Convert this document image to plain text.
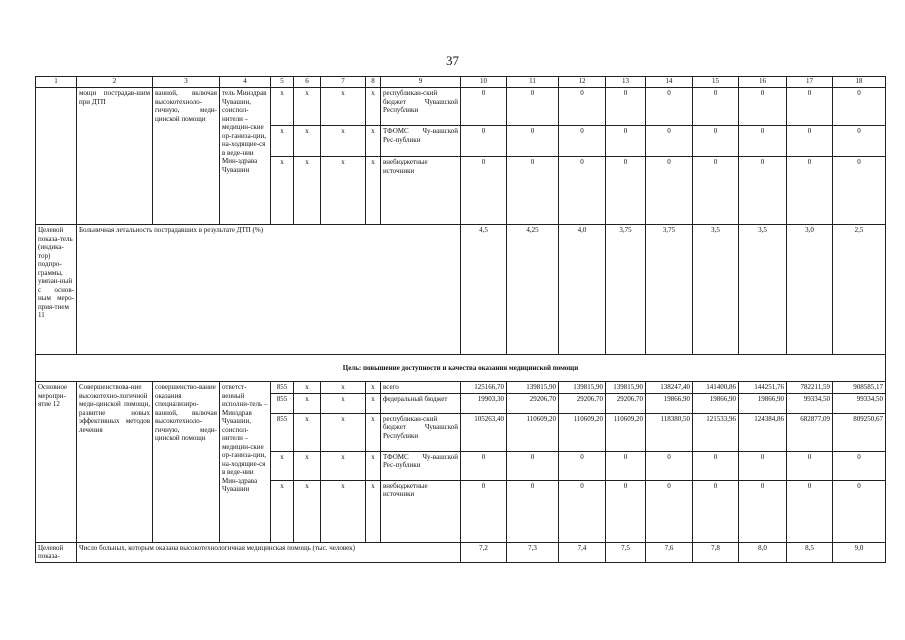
37
1	2	3	4	5	6	7	8	9	10	11	12	13	14	15	16	17	18
	мощи пострадав-шим при ДТП	ванной, включая высокотехноло-гичную, меди-цинской помощи	тель Минздрав Чувашии, соиспол-нители – медицин-ские ор-ганиза-ции, на-ходящие-ся в веде-нии Мин-здрава Чувашии	x	x	x	x	республикан-ский бюджет Чувашской Республики	0	0	0	0	0	0	0	0	0
				x	x	x	x	ТФОМС Чу-вашской Рес-публики	0	0	0	0	0	0	0	0	0
				x	x	x	x	внебюджетные источники	0	0	0	0	0	0	0	0	0
Целевой показа-тель (индика-тор) подпро-граммы, увязан-ный с основ-ным меро-прия-тием 11	Больничная летальность пострадавших в результате ДТП (%)								4,5	4,25	4,0	3,75	3,75	3,5	3,5	3,0	2,5
Цель: повышение доступности и качества оказания медицинской помощи																	
Основное меропри-ятие 12	Совершенствова-ние высокотехно-логичной меди-цинской помощи, развитие новых эффективных методов лечения	совершенство-вание оказания специализиро-ванной, включая высокотехноло-гичную, меди-цинской помощи	ответст-венный исполни-тель – Минздрав Чувашии, соиспол-нители – медицин-ские ор-ганиза-ции, на-ходящие-ся в веде-нии Мин-здрава Чувашии	855	x	x	x	всего	125166,70	139815,90	139815,90	139815,90	138247,40	141400,86	144251,76	782211,59	908585,17
				855	x	x	x	федеральный бюджет	19903,30	29206,70	29206,70	29206,70	19866,90	19866,90	19866,90	99334,50	99334,50
				855	x	x	x	республикан-ский бюджет Чувашской Республики	105263,40	110609,20	110609,20	110609,20	118380,50	121533,96	124384,86	682877,09	809250,67
				x	x	x	x	ТФОМС Чу-вашской Рес-публики	0	0	0	0	0	0	0	0	0
				x	x	x	x	внебюджетные источники	0	0	0	0	0	0	0	0	0
Целевой показа-	Число больных, которым оказана высокотехнологичная медицинская помощь (тыс. человек)								7,2	7,3	7,4	7,5	7,6	7,8	8,0	8,5	9,0
